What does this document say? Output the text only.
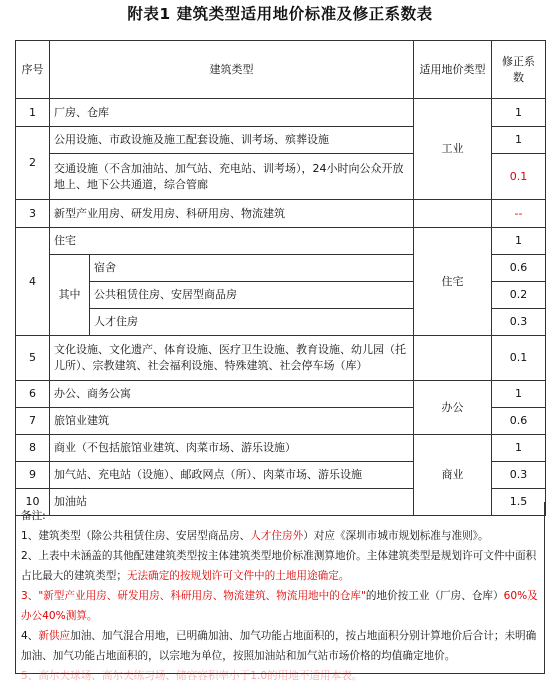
附表1 建筑类型适用地价标准及修正系数表
序号	建筑类型		适用地价类型	修正系
数
1	厂房、仓库		工业	1
2	公用设施、市政设施及施工配套设施、训考场、殡葬设施			1
	交通设施（不含加油站、加气站、充电站、训考场），24小时向公众开放地上、地下公共通道，综合管廊			0.1
3	新型产业用房、研发用房、科研用房、物流建筑			--
4	住宅		住宅	1
	其中	宿舍		0.6
		公共租赁住房、安居型商品房		0.2
		人才住房		0.3
5	文化设施、文化遗产、体育设施、医疗卫生设施、教育设施、幼儿园（托儿所）、宗教建筑、社会福利设施、特殊建筑、社会停车场（库）			0.1
6	办公、商务公寓		办公	1
7	旅馆业建筑			0.6
8	商业（不包括旅馆业建筑、肉菜市场、游乐设施）		商业	1
9	加气站、充电站（设施）、邮政网点（所）、肉菜市场、游乐设施			0.3
10	加油站			1.5

备注:

1、建筑类型（除公共租赁住房、安居型商品房、人才住房外）对应《深圳市城市规划标准与准则》。

2、上表中未涵盖的其他配建建筑类型按主体建筑类型地价标准测算地价。主体建筑类型是规划许可文件中面积占比最大的建筑类型；无法确定的按规划许可文件中的土地用途确定。

3、"新型产业用房、研发用房、科研用房、物流建筑、物流用地中的仓库"的地价按工业（厂房、仓库）60%及办公40%测算。

4、新供应加油、加气混合用地，已明确加油、加气功能占地面积的，按占地面积分别计算地价后合计；未明确加油、加气功能占地面积的，以宗地为单位，按照加油站和加气站市场价格的均值确定地价。

5、高尔夫球场、高尔夫练习场、储容容积率小于1.0的用地不适用本表。
